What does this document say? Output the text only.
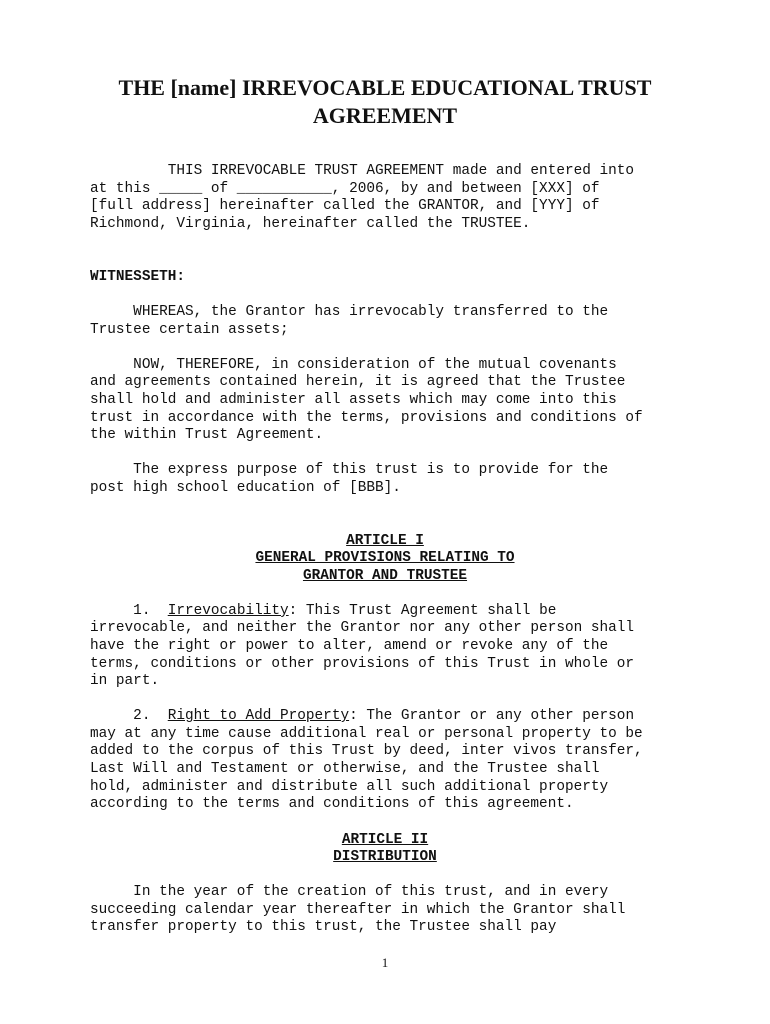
THE [name] IRREVOCABLE EDUCATIONAL TRUST
AGREEMENT

THIS IRREVOCABLE TRUST AGREEMENT made and entered into

at this _____ of ___________, 2006, by and between [XXX] of

[full address] hereinafter called the GRANTOR, and [YYY] of

Richmond, Virginia, hereinafter called the TRUSTEE.

WITNESSETH:

WHEREAS, the Grantor has irrevocably transferred to the

Trustee certain assets;

NOW, THEREFORE, in consideration of the mutual covenants

and agreements contained herein, it is agreed that the Trustee

shall hold and administer all assets which may come into this

trust in accordance with the terms, provisions and conditions of

the within Trust Agreement.

The express purpose of this trust is to provide for the

post high school education of [BBB].

ARTICLE I

GENERAL PROVISIONS RELATING TO

GRANTOR AND TRUSTEE

1.  Irrevocability: This Trust Agreement shall be

irrevocable, and neither the Grantor nor any other person shall

have the right or power to alter, amend or revoke any of the

terms, conditions or other provisions of this Trust in whole or

in part.

2.  Right to Add Property: The Grantor or any other person

may at any time cause additional real or personal property to be

added to the corpus of this Trust by deed, inter vivos transfer,

Last Will and Testament or otherwise, and the Trustee shall

hold, administer and distribute all such additional property

according to the terms and conditions of this agreement.

ARTICLE II

DISTRIBUTION

In the year of the creation of this trust, and in every

succeeding calendar year thereafter in which the Grantor shall

transfer property to this trust, the Trustee shall pay

1
